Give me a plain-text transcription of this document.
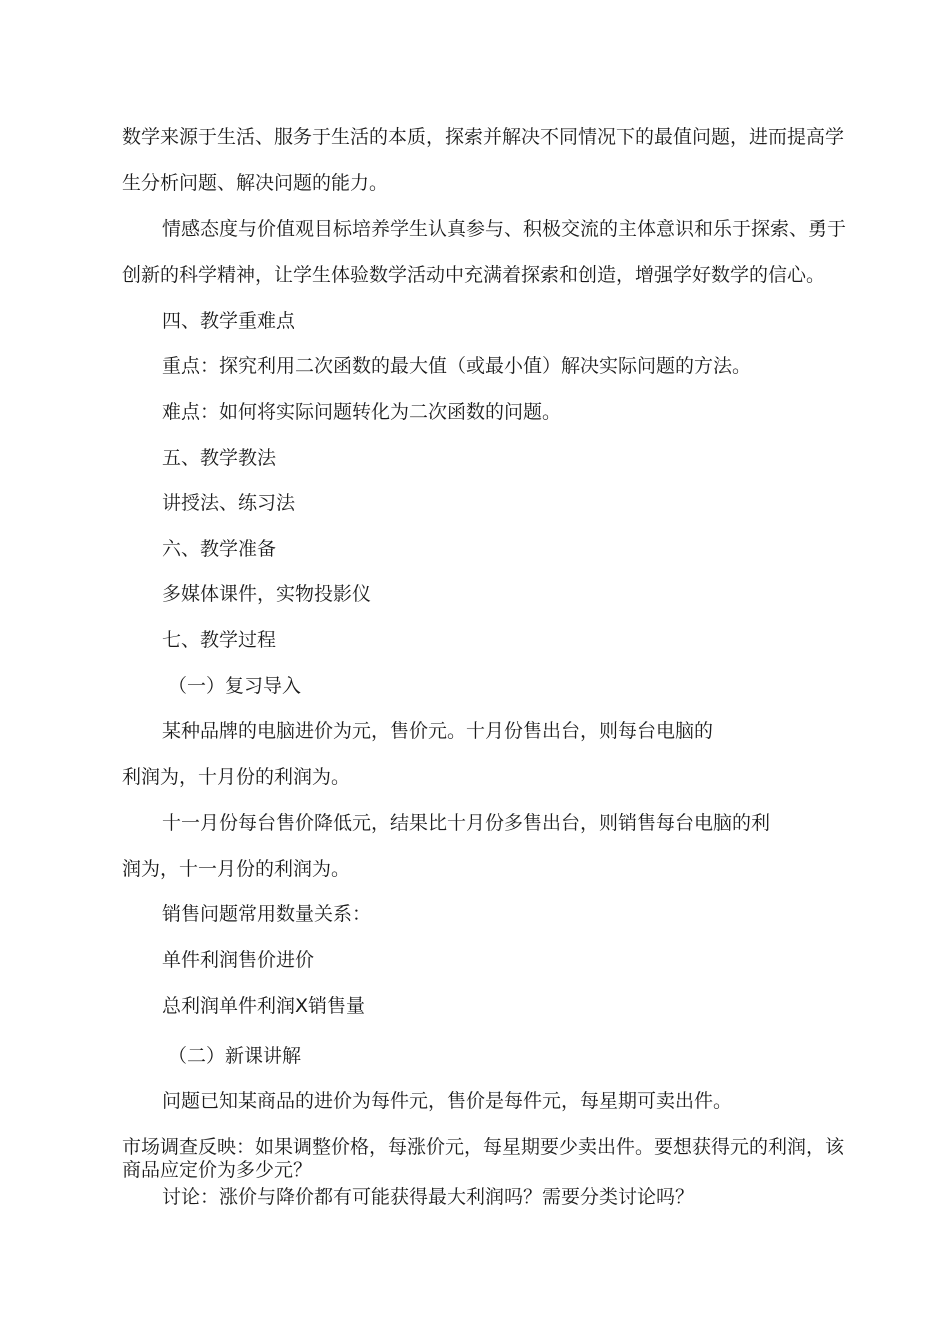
数学来源于生活、服务于生活的本质，探索并解决不同情况下的最值问题，进而提高学

生分析问题、解决问题的能力。

情感态度与价值观目标培养学生认真参与、积极交流的主体意识和乐于探索、勇于

创新的科学精神，让学生体验数学活动中充满着探索和创造，增强学好数学的信心。

四、教学重难点

重点：探究利用二次函数的最大值（或最小值）解决实际问题的方法。

难点：如何将实际问题转化为二次函数的问题。

五、教学教法

讲授法、练习法

六、教学准备

多媒体课件，实物投影仪

七、教学过程

（一）复习导入

某种品牌的电脑进价为元，售价元。十月份售出台，则每台电脑的

利润为，十月份的利润为。

十一月份每台售价降低元，结果比十月份多售出台，则销售每台电脑的利

润为，十一月份的利润为。

销售问题常用数量关系：

单件利润售价进价

总利润单件利润X销售量

（二）新课讲解

问题已知某商品的进价为每件元，售价是每件元，每星期可卖出件。

市场调查反映：如果调整价格，每涨价元，每星期要少卖出件。要想获得元的利润，该

商品应定价为多少元？

讨论：涨价与降价都有可能获得最大利润吗？需要分类讨论吗？
